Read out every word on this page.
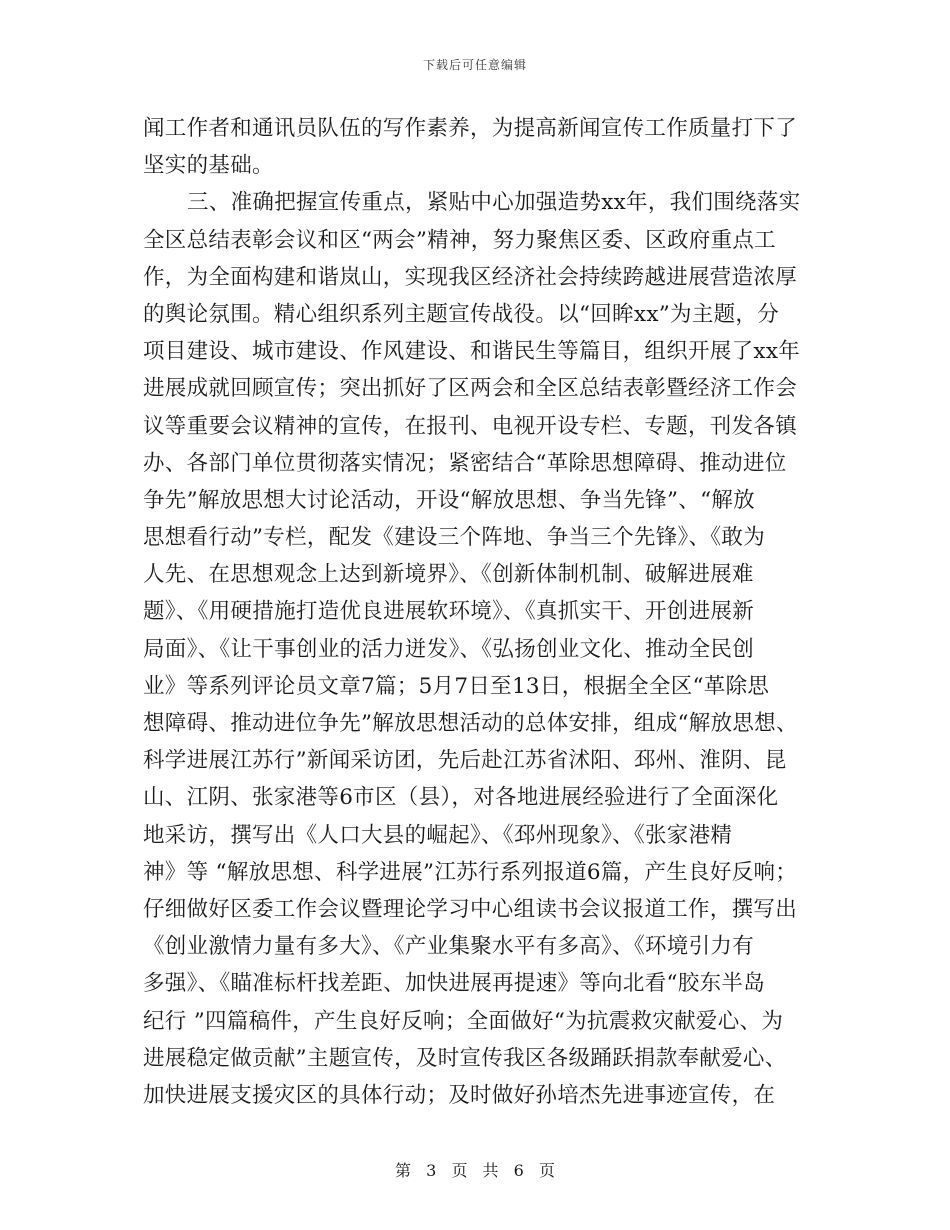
下载后可任意编辑
闻工作者和通讯员队伍的写作素养，为提高新闻宣传工作质量打下了
坚实的基础。
三、准确把握宣传重点，紧贴中心加强造势xx年，我们围绕落实
全区总结表彰会议和区“两会”精神，努力聚焦区委、区政府重点工
作，为全面构建和谐岚山，实现我区经济社会持续跨越进展营造浓厚
的舆论氛围。精心组织系列主题宣传战役。以“回眸xx”为主题，分
项目建设、城市建设、作风建设、和谐民生等篇目，组织开展了xx年
进展成就回顾宣传；突出抓好了区两会和全区总结表彰暨经济工作会
议等重要会议精神的宣传，在报刊、电视开设专栏、专题，刊发各镇
办、各部门单位贯彻落实情况；紧密结合“革除思想障碍、推动进位
争先”解放思想大讨论活动，开设“解放思想、争当先锋”、“解放
思想看行动”专栏，配发《建设三个阵地、争当三个先锋》、《敢为
人先、在思想观念上达到新境界》、《创新体制机制、破解进展难
题》、《用硬措施打造优良进展软环境》、《真抓实干、开创进展新
局面》、《让干事创业的活力迸发》、《弘扬创业文化、推动全民创
业》等系列评论员文章7篇；5月7日至13日，根据全全区“革除思
想障碍、推动进位争先”解放思想活动的总体安排，组成“解放思想、
科学进展江苏行”新闻采访团，先后赴江苏省沭阳、邳州、淮阴、昆
山、江阴、张家港等6市区（县），对各地进展经验进行了全面深化
地采访，撰写出《人口大县的崛起》、《邳州现象》、《张家港精
神》等 “解放思想、科学进展”江苏行系列报道6篇，产生良好反响；
仔细做好区委工作会议暨理论学习中心组读书会议报道工作，撰写出
《创业激情力量有多大》、《产业集聚水平有多高》、《环境引力有
多强》、《瞄准标杆找差距、加快进展再提速》等向北看“胶东半岛
纪行 ”四篇稿件，产生良好反响；全面做好“为抗震救灾献爱心、为
进展稳定做贡献”主题宣传，及时宣传我区各级踊跃捐款奉献爱心、
加快进展支援灾区的具体行动；及时做好孙培杰先进事迹宣传，在
第 3 页 共 6 页
